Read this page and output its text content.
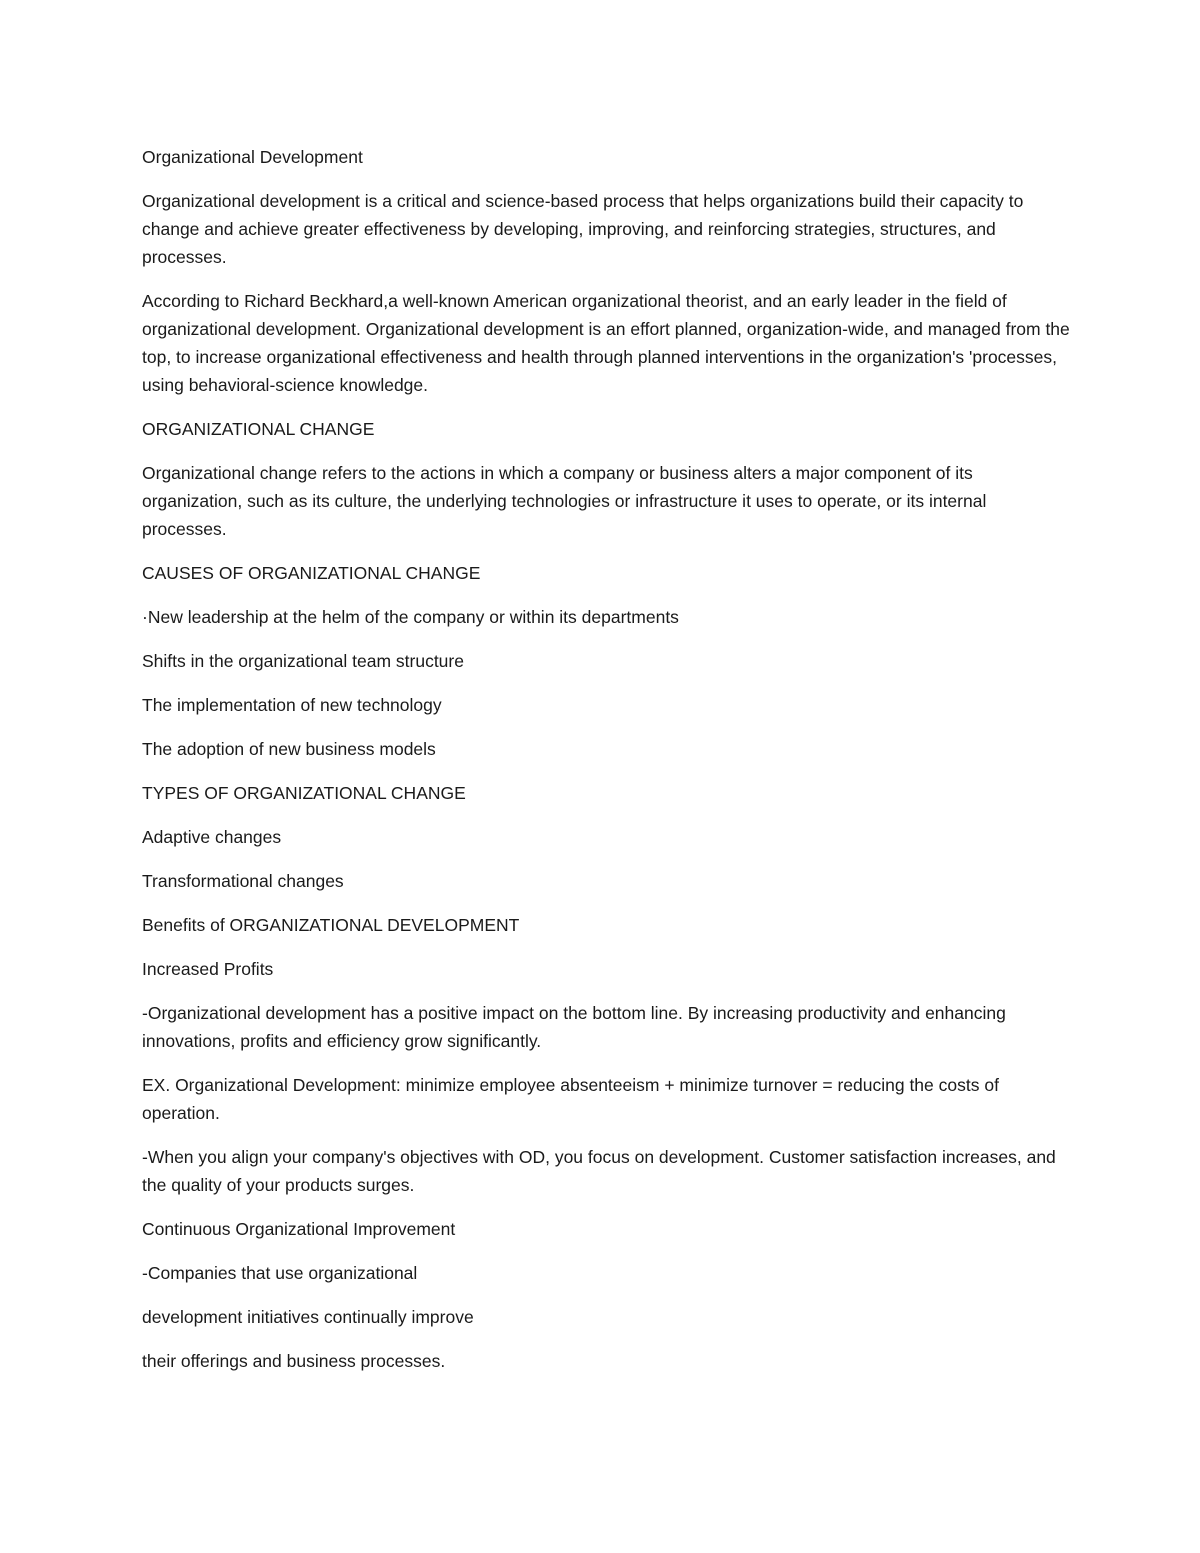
Organizational Development

Organizational development is a critical and science-based process that helps organizations build their capacity to change and achieve greater effectiveness by developing, improving, and reinforcing strategies, structures, and processes.

According to Richard Beckhard,a well-known American organizational theorist, and an early leader in the field of organizational development. Organizational development is an effort planned, organization-wide, and managed from the top, to increase organizational effectiveness and health through planned interventions in the organization's 'processes, using behavioral-science knowledge.

ORGANIZATIONAL CHANGE

Organizational change refers to the actions in which a company or business alters a major component of its organization, such as its culture, the underlying technologies or infrastructure it uses to operate, or its internal processes.

CAUSES OF ORGANIZATIONAL CHANGE

·New leadership at the helm of the company or within its departments

Shifts in the organizational team structure

The implementation of new technology

The adoption of new business models

TYPES OF ORGANIZATIONAL CHANGE

Adaptive changes

Transformational changes

Benefits of ORGANIZATIONAL DEVELOPMENT

Increased Profits

-Organizational development has a positive impact on the bottom line. By increasing productivity and enhancing innovations, profits and efficiency grow significantly.

EX. Organizational Development: minimize employee absenteeism + minimize turnover = reducing the costs of operation.

-When you align your company's objectives with OD, you focus on development. Customer satisfaction increases, and the quality of your products surges.

Continuous Organizational Improvement

-Companies that use organizational

development initiatives continually improve

their offerings and business processes.
